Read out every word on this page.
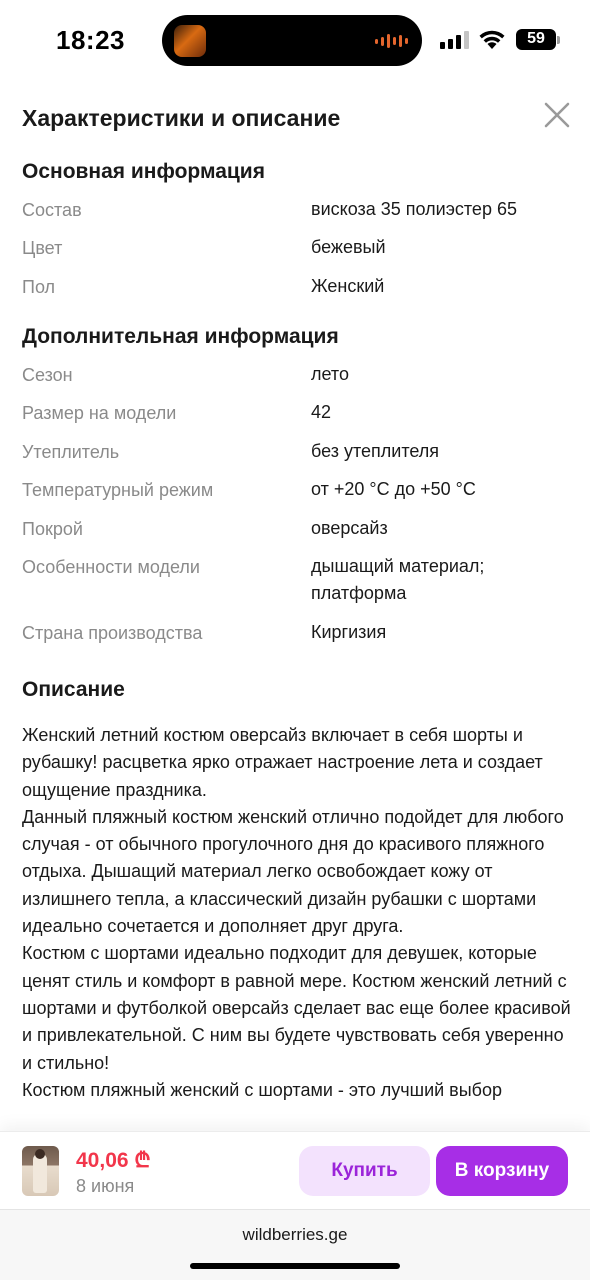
18:23	59
Характеристики и описание
Основная информация
Состав	вискоза 35 полиэстер 65
Цвет	бежевый
Пол	Женский
Дополнительная информация
Сезон	лето
Размер на модели	42
Утеплитель	без утеплителя
Температурный режим	от +20 °С до +50 °С
Покрой	оверсайз
Особенности модели	дышащий материал;
платформа
Страна производства	Киргизия
Описание
Женский летний костюм оверсайз включает в себя шорты и рубашку! расцветка ярко отражает настроение лета и создает ощущение праздника.
Данный пляжный костюм женский отлично подойдет для любого случая - от обычного прогулочного дня до красивого пляжного отдыха. Дышащий материал легко освобождает кожу от излишнего тепла, а классический дизайн рубашки с шортами идеально сочетается и дополняет друг друга.
Костюм с шортами идеально подходит для девушек, которые ценят стиль и комфорт в равной мере. Костюм женский летний с шортами и футболкой оверсайз сделает вас еще более красивой и привлекательной. С ним вы будете чувствовать себя уверенно и стильно!
Костюм пляжный женский с шортами - это лучший выбор
40,06 ₾
8 июня
Купить	В корзину
wildberries.ge
